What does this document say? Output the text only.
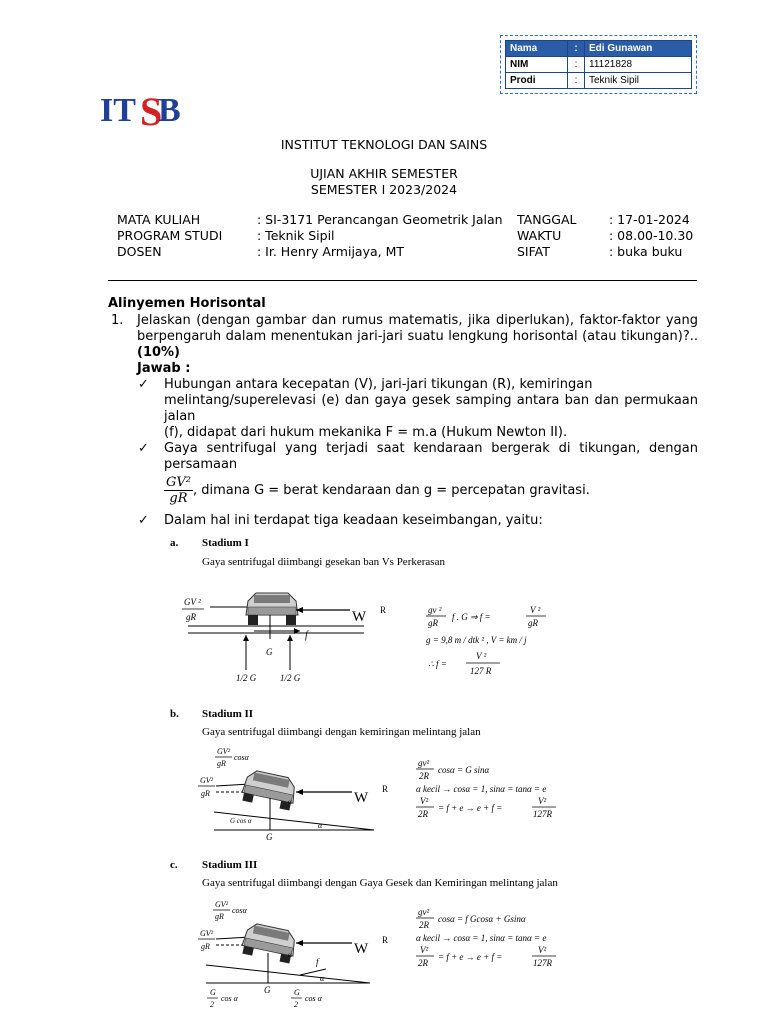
Nama	:	Edi Gunawan
NIM	:	11121828
Prodi	:	Teknik Sipil
IT S
B
INSTITUT TEKNOLOGI DAN SAINS
UJIAN AKHIR SEMESTER
SEMESTER I 2023/2024
MATA KULIAH	: SI-3171 Perancangan Geometrik Jalan TANGGAL	: 17-01-2024
PROGRAM STUDI	: Teknik Sipil	WAKTU	: 08.00-10.30
DOSEN	: Ir. Henry Armijaya, MT	SIFAT	: buka buku
Alinyemen Horisontal
1. Jelaskan (dengan gambar dan rumus matematis, jika diperlukan), faktor-faktor yang berpengaruh dalam menentukan jari-jari suatu lengkung horisontal (atau tikungan)?.. (10%)
Jawab :
✓ Hubungan antara kecepatan (V), jari-jari tikungan (R), kemiringan
melintang/superelevasi (e) dan gaya gesek samping antara ban dan permukaan jalan
(f), didapat dari hukum mekanika F = m.a (Hukum Newton II).
✓ Gaya sentrifugal yang terjadi saat kendaraan bergerak di tikungan, dengan persamaan
$\frac{\text{GV²}}{gR}$ , dimana G = berat kendaraan dan g = percepatan gravitasi.
✓ Dalam hal ini terdapat tiga keadaan keseimbangan, yaitu:
a. Stadium I
Gaya sentrifugal diimbangi gesekan ban Vs Perkerasan
GV ²
gR	W R
f
G
1/2 G	1/2 G
gv ²
gR
f . G ⇒ f =
V ²
gR
g = 9,8 m / dtk ² , V = km / j
∴ f =
V ²
127 R
b. Stadium II
Gaya sentrifugal diimbangi dengan kemiringan melintang jalan
GV²
gR
cosα
GV²
gR
α	W
R
α
G cos α
G
gv²
2R
cosα = G sinα
α kecil → cosα = 1, sinα = tanα = e
V²
2R
= f + e → e + f =
V²
127R
c. Stadium III
Gaya sentrifugal diimbangi dengan Gaya Gesek dan Kemiringan melintang jalan
GV²
gR
cosα
GV²
gR
α	W
R
f
α
G
G
2
cos α
G
2
cos α
gv²
2R
cosα = f Gcosα + Gsinα
α kecil → cosα = 1, sinα = tanα = e
V²
2R
= f + e → e + f =
V²
127R
